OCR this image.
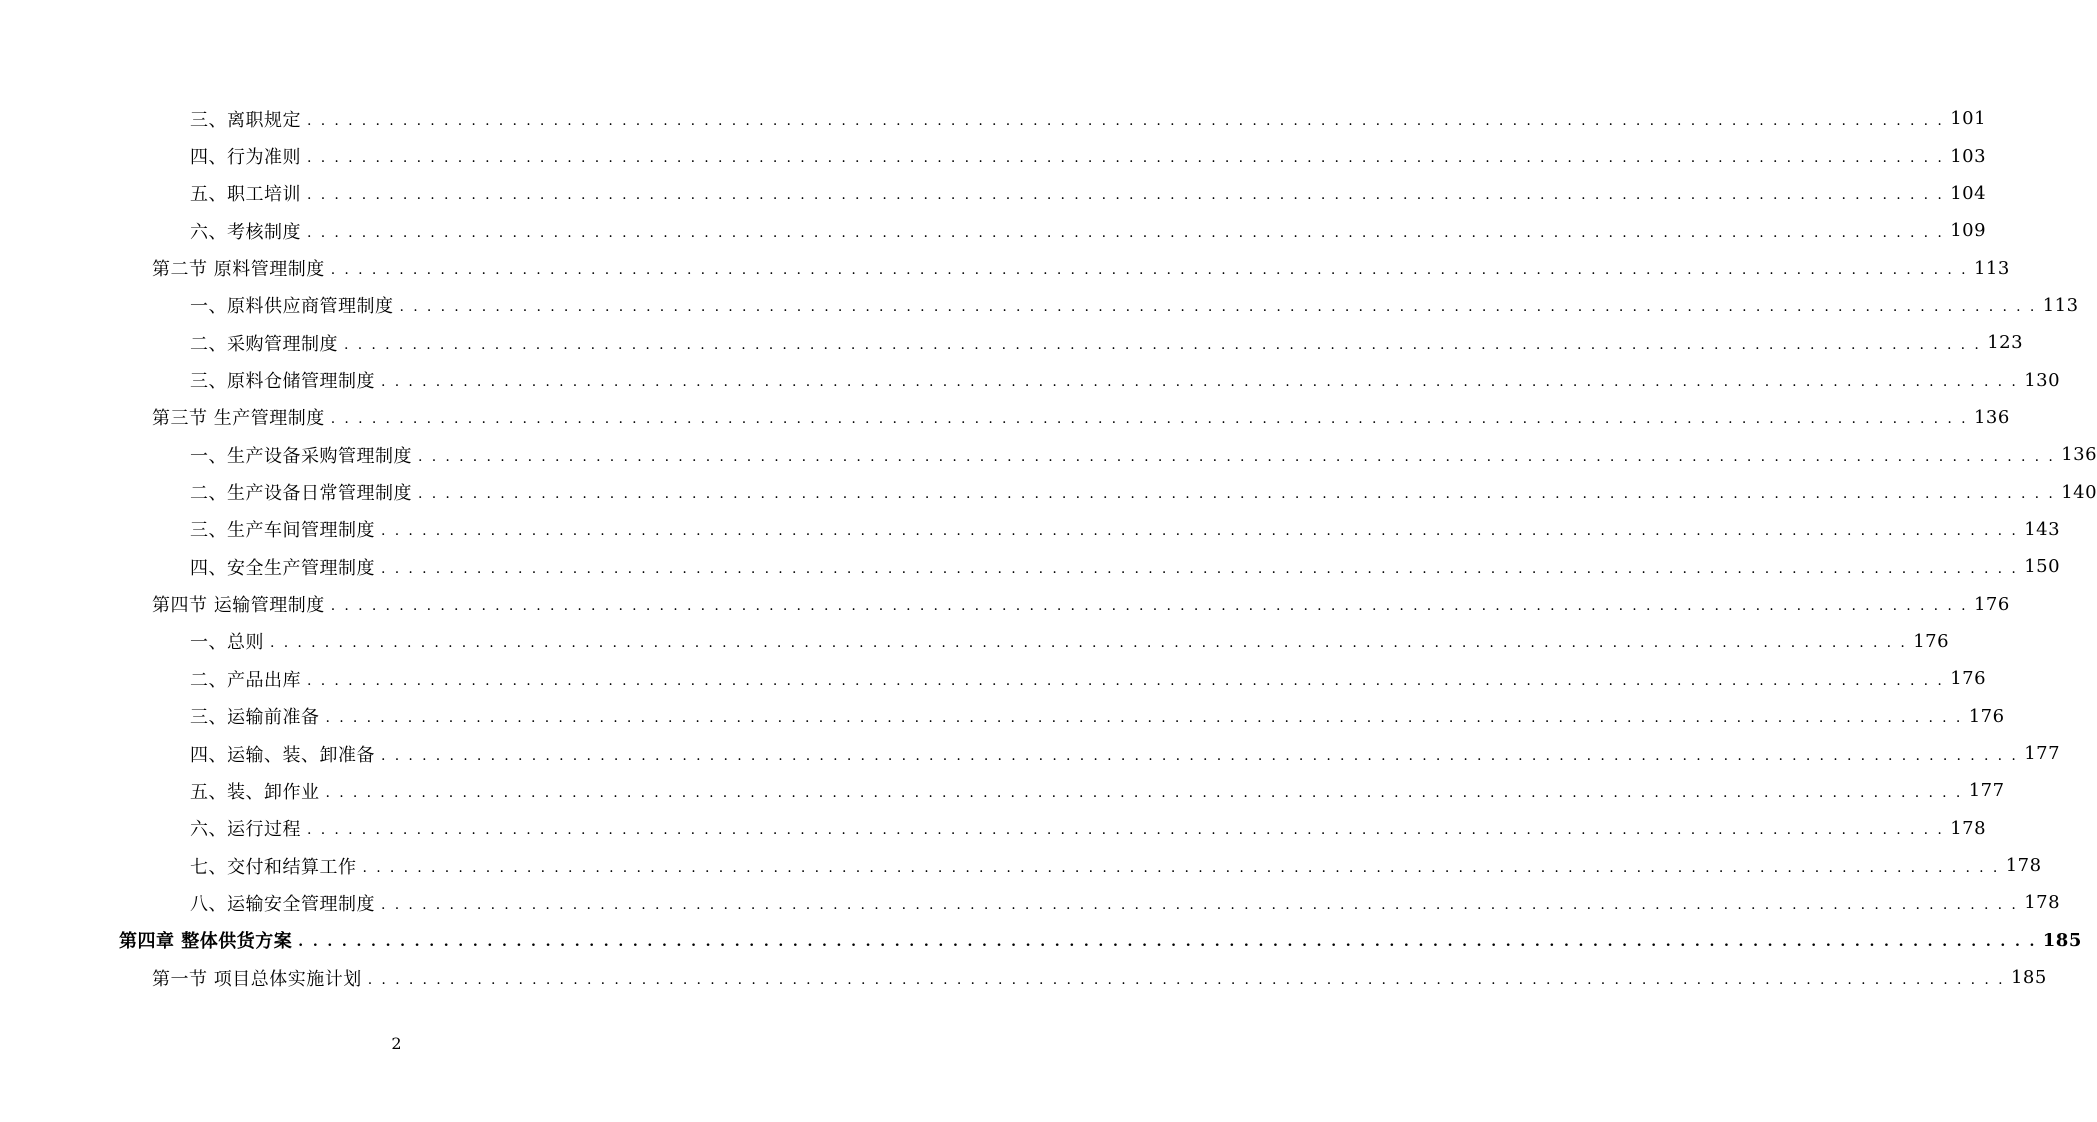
三、离职规定 . . . . . . . . . . . . . . . . . . . . . . . . . . . . . . . . . . . . . . . . . . . . . . . . . . . . . . . . . . . . . . . . . . . . . . . . . . . . . . . . . . . . . . . . . . . . . . . . . . . . . . . . . . . . . . . . . . . . . . . . 101
四、行为准则 . . . . . . . . . . . . . . . . . . . . . . . . . . . . . . . . . . . . . . . . . . . . . . . . . . . . . . . . . . . . . . . . . . . . . . . . . . . . . . . . . . . . . . . . . . . . . . . . . . . . . . . . . . . . . . . . . . . . . . . . 103
五、职工培训 . . . . . . . . . . . . . . . . . . . . . . . . . . . . . . . . . . . . . . . . . . . . . . . . . . . . . . . . . . . . . . . . . . . . . . . . . . . . . . . . . . . . . . . . . . . . . . . . . . . . . . . . . . . . . . . . . . . . . . . . 104
六、考核制度 . . . . . . . . . . . . . . . . . . . . . . . . . . . . . . . . . . . . . . . . . . . . . . . . . . . . . . . . . . . . . . . . . . . . . . . . . . . . . . . . . . . . . . . . . . . . . . . . . . . . . . . . . . . . . . . . . . . . . . . . 109
第二节 原料管理制度 . . . . . . . . . . . . . . . . . . . . . . . . . . . . . . . . . . . . . . . . . . . . . . . . . . . . . . . . . . . . . . . . . . . . . . . . . . . . . . . . . . . . . . . . . . . . . . . . . . . . . . . . . . . . . . . . . . . . . . . . 113
一、原料供应商管理制度 . . . . . . . . . . . . . . . . . . . . . . . . . . . . . . . . . . . . . . . . . . . . . . . . . . . . . . . . . . . . . . . . . . . . . . . . . . . . . . . . . . . . . . . . . . . . . . . . . . . . . . . . . . . . . . . . . . . . . . . . 113
二、采购管理制度 . . . . . . . . . . . . . . . . . . . . . . . . . . . . . . . . . . . . . . . . . . . . . . . . . . . . . . . . . . . . . . . . . . . . . . . . . . . . . . . . . . . . . . . . . . . . . . . . . . . . . . . . . . . . . . . . . . . . . . . . 123
三、原料仓储管理制度 . . . . . . . . . . . . . . . . . . . . . . . . . . . . . . . . . . . . . . . . . . . . . . . . . . . . . . . . . . . . . . . . . . . . . . . . . . . . . . . . . . . . . . . . . . . . . . . . . . . . . . . . . . . . . . . . . . . . . . . . 130
第三节 生产管理制度 . . . . . . . . . . . . . . . . . . . . . . . . . . . . . . . . . . . . . . . . . . . . . . . . . . . . . . . . . . . . . . . . . . . . . . . . . . . . . . . . . . . . . . . . . . . . . . . . . . . . . . . . . . . . . . . . . . . . . . . . 136
一、生产设备采购管理制度 . . . . . . . . . . . . . . . . . . . . . . . . . . . . . . . . . . . . . . . . . . . . . . . . . . . . . . . . . . . . . . . . . . . . . . . . . . . . . . . . . . . . . . . . . . . . . . . . . . . . . . . . . . . . . . . . . . . . . . . . 136
二、生产设备日常管理制度 . . . . . . . . . . . . . . . . . . . . . . . . . . . . . . . . . . . . . . . . . . . . . . . . . . . . . . . . . . . . . . . . . . . . . . . . . . . . . . . . . . . . . . . . . . . . . . . . . . . . . . . . . . . . . . . . . . . . . . . . 140
三、生产车间管理制度 . . . . . . . . . . . . . . . . . . . . . . . . . . . . . . . . . . . . . . . . . . . . . . . . . . . . . . . . . . . . . . . . . . . . . . . . . . . . . . . . . . . . . . . . . . . . . . . . . . . . . . . . . . . . . . . . . . . . . . . . 143
四、安全生产管理制度 . . . . . . . . . . . . . . . . . . . . . . . . . . . . . . . . . . . . . . . . . . . . . . . . . . . . . . . . . . . . . . . . . . . . . . . . . . . . . . . . . . . . . . . . . . . . . . . . . . . . . . . . . . . . . . . . . . . . . . . . 150
第四节 运输管理制度 . . . . . . . . . . . . . . . . . . . . . . . . . . . . . . . . . . . . . . . . . . . . . . . . . . . . . . . . . . . . . . . . . . . . . . . . . . . . . . . . . . . . . . . . . . . . . . . . . . . . . . . . . . . . . . . . . . . . . . . . 176
一、总则 . . . . . . . . . . . . . . . . . . . . . . . . . . . . . . . . . . . . . . . . . . . . . . . . . . . . . . . . . . . . . . . . . . . . . . . . . . . . . . . . . . . . . . . . . . . . . . . . . . . . . . . . . . . . . . . . . . . . . . . . 176
二、产品出库 . . . . . . . . . . . . . . . . . . . . . . . . . . . . . . . . . . . . . . . . . . . . . . . . . . . . . . . . . . . . . . . . . . . . . . . . . . . . . . . . . . . . . . . . . . . . . . . . . . . . . . . . . . . . . . . . . . . . . . . . 176
三、运输前准备 . . . . . . . . . . . . . . . . . . . . . . . . . . . . . . . . . . . . . . . . . . . . . . . . . . . . . . . . . . . . . . . . . . . . . . . . . . . . . . . . . . . . . . . . . . . . . . . . . . . . . . . . . . . . . . . . . . . . . . . . 176
四、运输、装、卸准备 . . . . . . . . . . . . . . . . . . . . . . . . . . . . . . . . . . . . . . . . . . . . . . . . . . . . . . . . . . . . . . . . . . . . . . . . . . . . . . . . . . . . . . . . . . . . . . . . . . . . . . . . . . . . . . . . . . . . . . . . 177
五、装、卸作业 . . . . . . . . . . . . . . . . . . . . . . . . . . . . . . . . . . . . . . . . . . . . . . . . . . . . . . . . . . . . . . . . . . . . . . . . . . . . . . . . . . . . . . . . . . . . . . . . . . . . . . . . . . . . . . . . . . . . . . . . 177
六、运行过程 . . . . . . . . . . . . . . . . . . . . . . . . . . . . . . . . . . . . . . . . . . . . . . . . . . . . . . . . . . . . . . . . . . . . . . . . . . . . . . . . . . . . . . . . . . . . . . . . . . . . . . . . . . . . . . . . . . . . . . . . 178
七、交付和结算工作 . . . . . . . . . . . . . . . . . . . . . . . . . . . . . . . . . . . . . . . . . . . . . . . . . . . . . . . . . . . . . . . . . . . . . . . . . . . . . . . . . . . . . . . . . . . . . . . . . . . . . . . . . . . . . . . . . . . . . . . . 178
八、运输安全管理制度 . . . . . . . . . . . . . . . . . . . . . . . . . . . . . . . . . . . . . . . . . . . . . . . . . . . . . . . . . . . . . . . . . . . . . . . . . . . . . . . . . . . . . . . . . . . . . . . . . . . . . . . . . . . . . . . . . . . . . . . . 178
第四章 整体供货方案 . . . . . . . . . . . . . . . . . . . . . . . . . . . . . . . . . . . . . . . . . . . . . . . . . . . . . . . . . . . . . . . . . . . . . . . . . . . . . . . . . . . . . . . . . . . . . . . . . . . . . . . . . . . . . . . . . . . . . . . . 185
第一节 项目总体实施计划 . . . . . . . . . . . . . . . . . . . . . . . . . . . . . . . . . . . . . . . . . . . . . . . . . . . . . . . . . . . . . . . . . . . . . . . . . . . . . . . . . . . . . . . . . . . . . . . . . . . . . . . . . . . . . . . . . . . . . . . . 185
2
